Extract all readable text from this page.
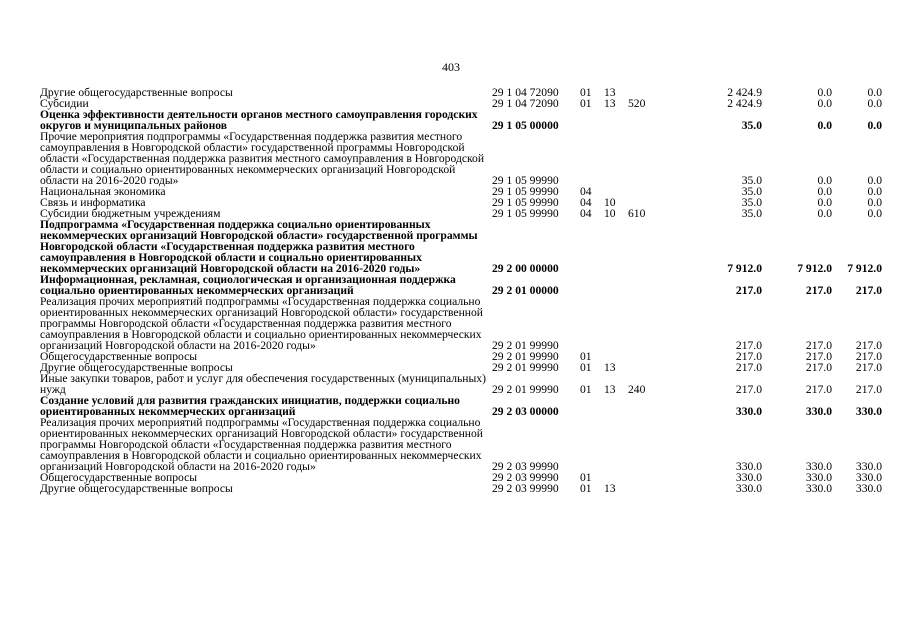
403
Другие общегосударственные вопросы	29 1 04 72090	01	13		2 424.9	0.0	0.0
Субсидии	29 1 04 72090	01	13	520	2 424.9	0.0	0.0
Оценка эффективности деятельности органов местного самоуправления городских округов и муниципальных районов	29 1 05 00000				35.0	0.0	0.0
Прочие мероприятия подпрограммы «Государственная поддержка развития местного самоуправления в Новгородской области» государственной программы Новгородской области «Государственная поддержка развития местного самоуправления в Новгородской области и социально ориентированных некоммерческих организаций Новгородской области на 2016-2020 годы»	29 1 05 99990				35.0	0.0	0.0
Национальная экономика	29 1 05 99990	04			35.0	0.0	0.0
Связь и информатика	29 1 05 99990	04	10		35.0	0.0	0.0
Субсидии бюджетным учреждениям	29 1 05 99990	04	10	610	35.0	0.0	0.0
Подпрограмма «Государственная поддержка социально ориентированных некоммерческих организаций Новгородской области» государственной программы Новгородской области «Государственная поддержка развития местного самоуправления в Новгородской области и социально ориентированных некоммерческих организаций Новгородской области на 2016-2020 годы»	29 2 00 00000				7 912.0	7 912.0	7 912.0
Информационная, рекламная, социологическая и организационная поддержка социально ориентированных некоммерческих организаций	29 2 01 00000				217.0	217.0	217.0
Реализация прочих мероприятий подпрограммы «Государственная поддержка социально ориентированных некоммерческих организаций Новгородской области» государственной программы Новгородской области «Государственная поддержка развития местного самоуправления в Новгородской области и социально ориентированных некоммерческих организаций Новгородской области на 2016-2020 годы»	29 2 01 99990				217.0	217.0	217.0
Общегосударственные вопросы	29 2 01 99990	01			217.0	217.0	217.0
Другие общегосударственные вопросы	29 2 01 99990	01	13		217.0	217.0	217.0
Иные закупки товаров, работ и услуг для обеспечения государственных (муниципальных) нужд	29 2 01 99990	01	13	240	217.0	217.0	217.0
Создание условий для развития гражданских инициатив, поддержки социально ориентированных некоммерческих организаций	29 2 03 00000				330.0	330.0	330.0
Реализация прочих мероприятий подпрограммы «Государственная поддержка социально ориентированных некоммерческих организаций Новгородской области» государственной программы Новгородской области «Государственная поддержка развития местного самоуправления в Новгородской области и социально ориентированных некоммерческих организаций Новгородской области на 2016-2020 годы»	29 2 03 99990				330.0	330.0	330.0
Общегосударственные вопросы	29 2 03 99990	01			330.0	330.0	330.0
Другие общегосударственные вопросы	29 2 03 99990	01	13		330.0	330.0	330.0
